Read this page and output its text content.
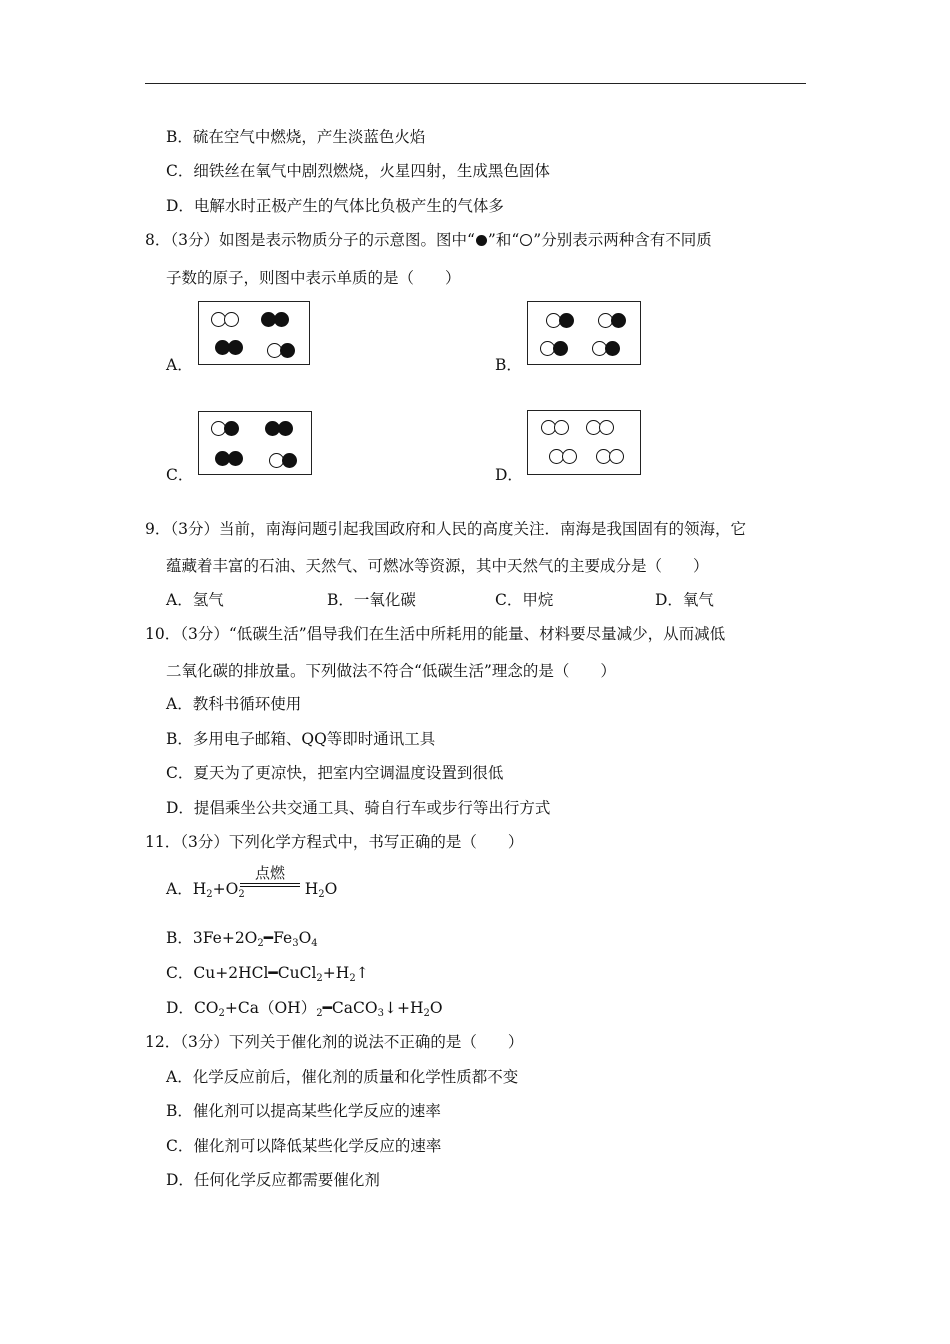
B．硫在空气中燃烧，产生淡蓝色火焰
C．细铁丝在氧气中剧烈燃烧，火星四射，生成黑色固体
D．电解水时正极产生的气体比负极产生的气体多
8．（3分）如图是表示物质分子的示意图。图中“ ”和“ ”分别表示两种含有不同质
子数的原子，则图中表示单质的是（　　）
A．	B．
C．	D．
9．（3分）当前，南海问题引起我国政府和人民的高度关注．南海是我国固有的领海，它
蕴藏着丰富的石油、天然气、可燃冰等资源，其中天然气的主要成分是（　　）
A．氢气	B．一氧化碳	C．甲烷	D．氧气
10．（3分）“低碳生活”倡导我们在生活中所耗用的能量、材料要尽量减少，从而减低
二氧化碳的排放量。下列做法不符合“低碳生活”理念的是（　　）
A．教科书循环使用
B．多用电子邮箱、QQ等即时通讯工具
C．夏天为了更凉快，把室内空调温度设置到很低
D．提倡乘坐公共交通工具、骑自行车或步行等出行方式
11．（3分）下列化学方程式中，书写正确的是（　　）
A．$H_2+O_2$	$H_2O$
点燃
B．$3Fe+2O_2━Fe_3O_4$
C．$Cu+2HCl━CuCl_2+H_2↑$
D．$CO_2+Ca(OH)_2━CaCO_3↓+H_2O$
12．（3分）下列关于催化剂的说法不正确的是（　　）
A．化学反应前后，催化剂的质量和化学性质都不变
B．催化剂可以提高某些化学反应的速率
C．催化剂可以降低某些化学反应的速率
D．任何化学反应都需要催化剂
